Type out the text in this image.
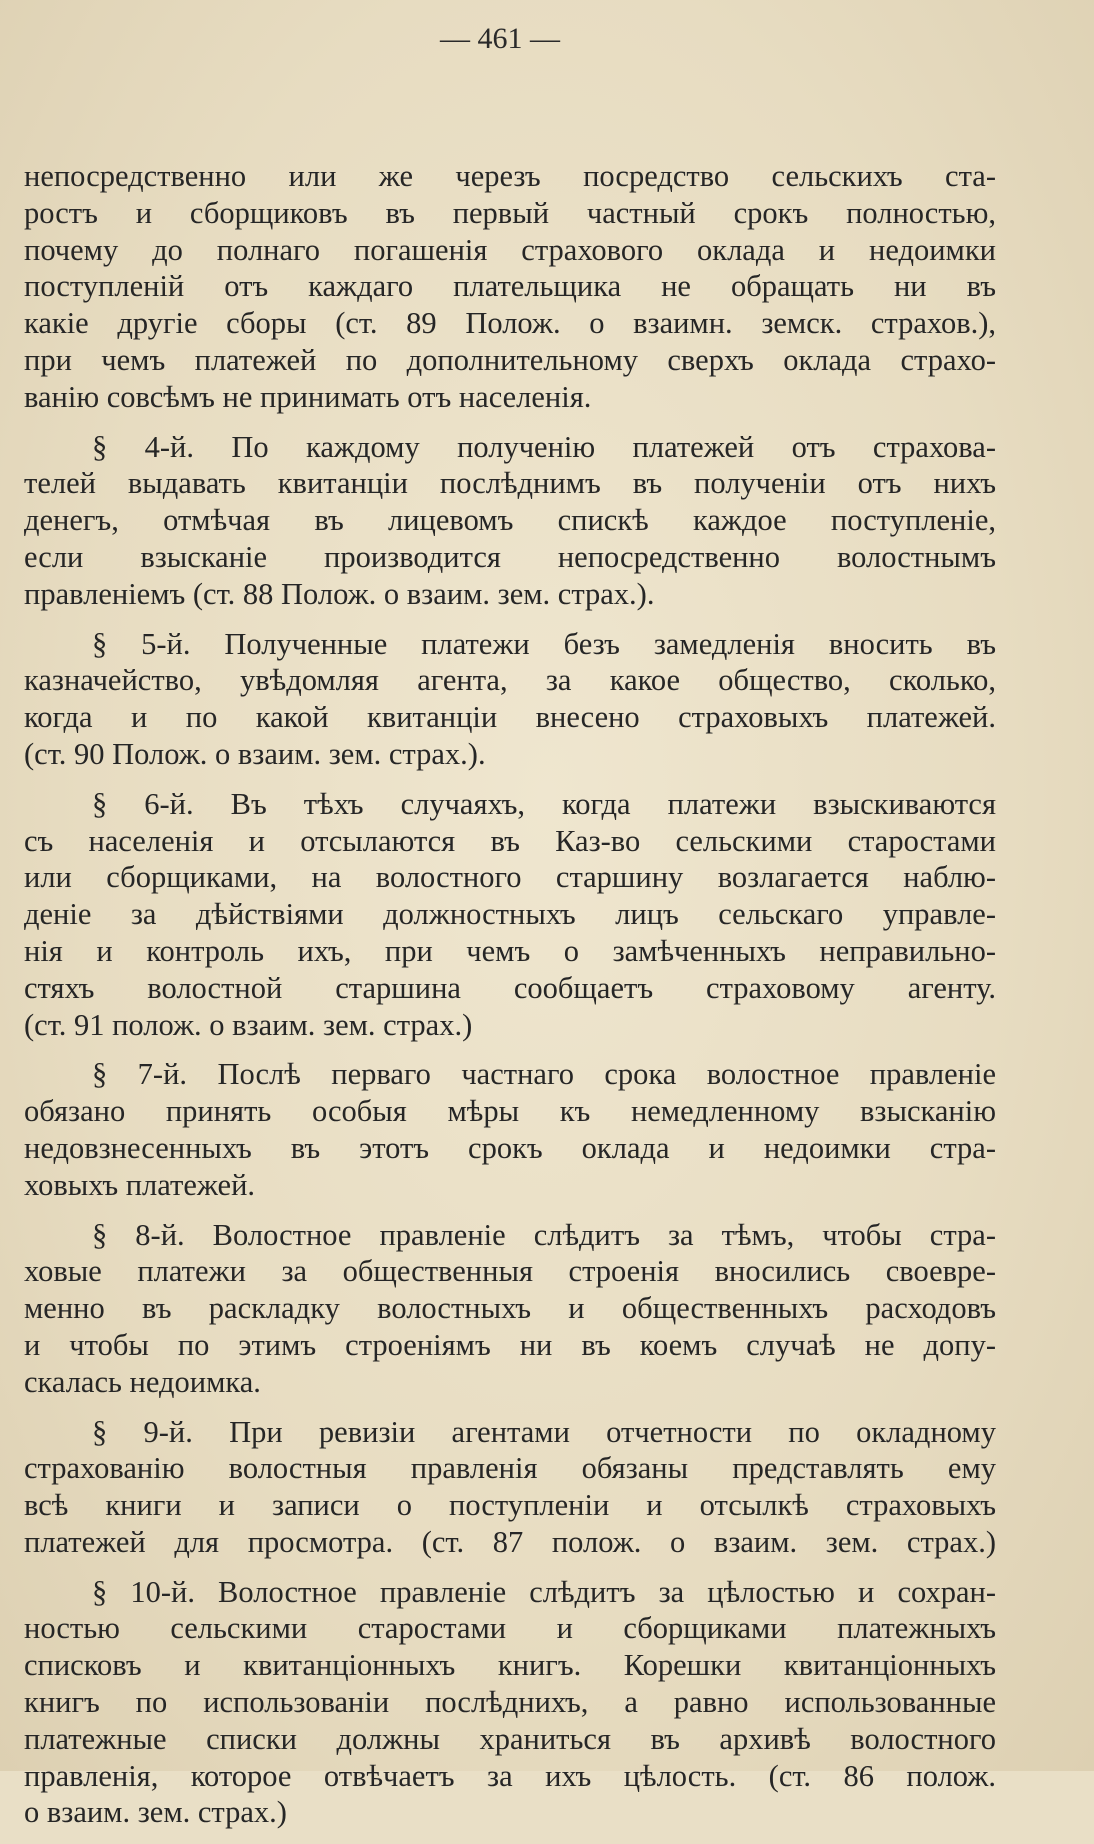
— 461 —
непосредственно или же черезъ посредство сельскихъ ста-
ростъ и сборщиковъ въ первый частный срокъ полностью,
почему до полнаго погашенія страхового оклада и недоимки
поступленій отъ каждаго плательщика не обращать ни въ
какіе другіе сборы (ст. 89 Полож. о взаимн. земск. страхов.),
при чемъ платежей по дополнительному сверхъ оклада страхо-
ванію совсѣмъ не принимать отъ населенія.
§ 4-й. По каждому полученію платежей отъ страхова-
телей выдавать квитанціи послѣднимъ въ полученіи отъ нихъ
денегъ, отмѣчая въ лицевомъ спискѣ каждое поступленіе,
если взысканіе производится непосредственно волостнымъ
правленіемъ (ст. 88 Полож. о взаим. зем. страх.).
§ 5-й. Полученные платежи безъ замедленія вносить въ
казначейство, увѣдомляя агента, за какое общество, сколько,
когда и по какой квитанціи внесено страховыхъ платежей.
(ст. 90 Полож. о взаим. зем. страх.).
§ 6-й. Въ тѣхъ случаяхъ, когда платежи взыскиваются
съ населенія и отсылаются въ Каз-во сельскими старостами
или сборщиками, на волостного старшину возлагается наблю-
деніе за дѣйствіями должностныхъ лицъ сельскаго управле-
нія и контроль ихъ, при чемъ о замѣченныхъ неправильно-
стяхъ волостной старшина сообщаетъ страховому агенту.
(ст. 91 полож. о взаим. зем. страх.)
§ 7-й. Послѣ перваго частнаго срока волостное правленіе
обязано принять особыя мѣры къ немедленному взысканію
недовзнесенныхъ въ этотъ срокъ оклада и недоимки стра-
ховыхъ платежей.
§ 8-й. Волостное правленіе слѣдитъ за тѣмъ, чтобы стра-
ховые платежи за общественныя строенія вносились своевре-
менно въ раскладку волостныхъ и общественныхъ расходовъ
и чтобы по этимъ строеніямъ ни въ коемъ случаѣ не допу-
скалась недоимка.
§ 9-й. При ревизіи агентами отчетности по окладному
страхованію волостныя правленія обязаны представлять ему
всѣ книги и записи о поступленіи и отсылкѣ страховыхъ
платежей для просмотра. (ст. 87 полож. о взаим. зем. страх.)
§ 10-й. Волостное правленіе слѣдитъ за цѣлостью и сохран-
ностью сельскими старостами и сборщиками платежныхъ
списковъ и квитанціонныхъ книгъ. Корешки квитанціонныхъ
книгъ по использованіи послѣднихъ, а равно использованные
платежные списки должны храниться въ архивѣ волостного
правленія, которое отвѣчаетъ за ихъ цѣлость. (ст. 86 полож.
о взаим. зем. страх.)
